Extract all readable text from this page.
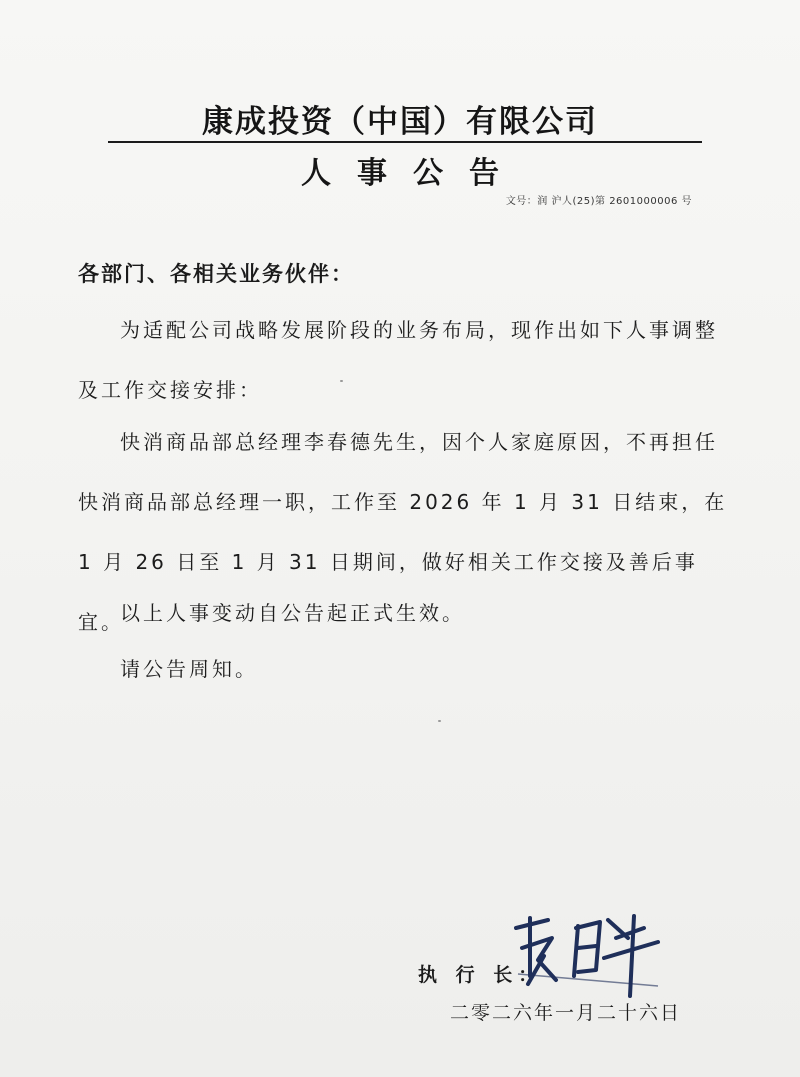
康成投资（中国）有限公司
人事公告
文号：润 沪人(25)第 2601000006 号
各部门、各相关业务伙伴：
为适配公司战略发展阶段的业务布局，现作出如下人事调整及工作交接安排：
快消商品部总经理李春德先生，因个人家庭原因，不再担任快消商品部总经理一职，工作至 2026 年 1 月 31 日结束，在 1 月 26 日至 1 月 31 日期间，做好相关工作交接及善后事宜。
以上人事变动自公告起正式生效。
请公告周知。
执 行 长：
二零二六年一月二十六日
